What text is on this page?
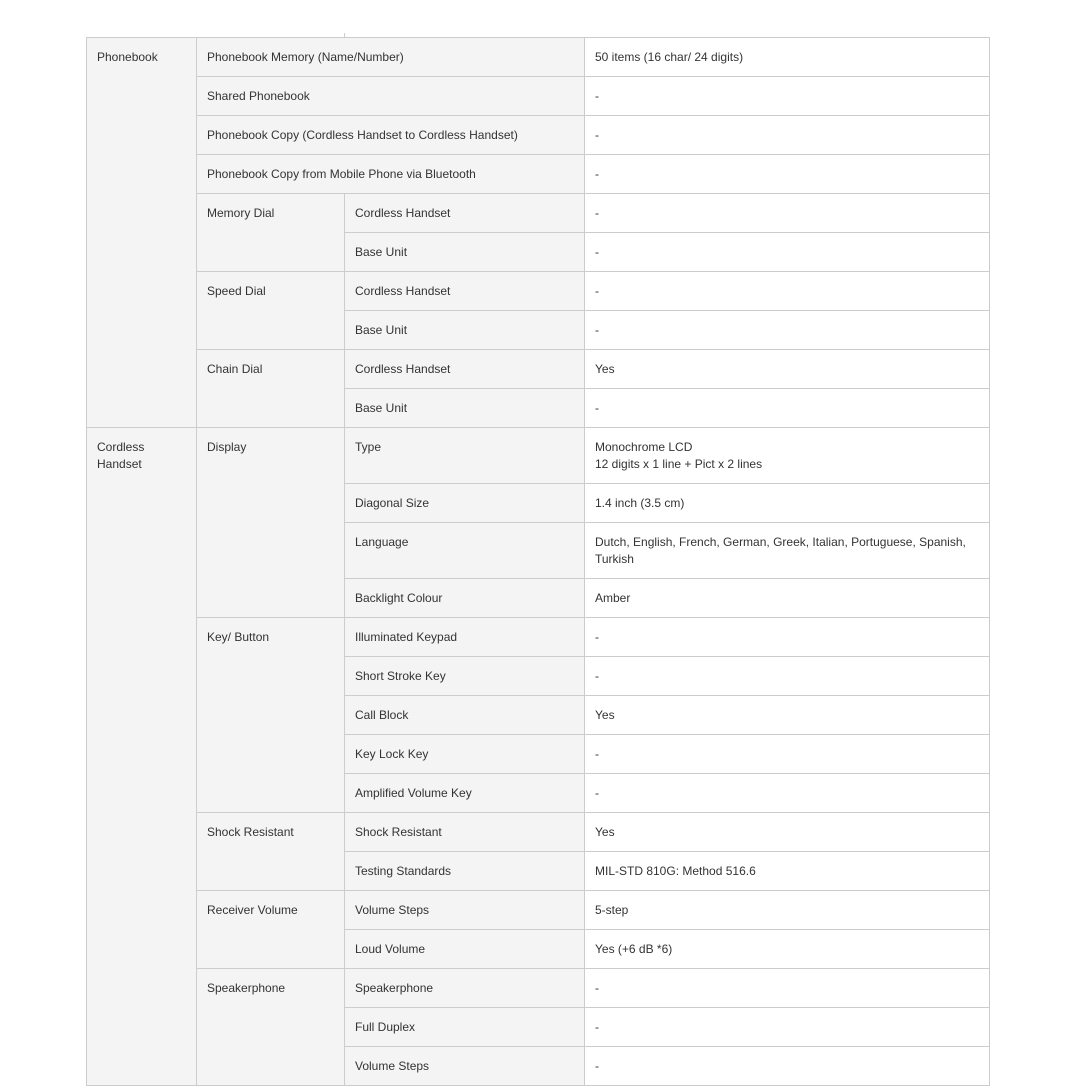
Phonebook	Phonebook Memory (Name/Number)		50 items (16 char/ 24 digits)
	Shared Phonebook		-
	Phonebook Copy (Cordless Handset to Cordless Handset)		-
	Phonebook Copy from Mobile Phone via Bluetooth		-
	Memory Dial	Cordless Handset	-
		Base Unit	-
	Speed Dial	Cordless Handset	-
		Base Unit	-
	Chain Dial	Cordless Handset	Yes
		Base Unit	-
Cordless Handset	Display	Type	Monochrome LCD
12 digits x 1 line + Pict x 2 lines

		Diagonal Size	1.4 inch (3.5 cm)
		Language	Dutch, English, French, German, Greek, Italian, Portuguese, Spanish, Turkish
		Backlight Colour	Amber
	Key/ Button	Illuminated Keypad	-
		Short Stroke Key	-
		Call Block	Yes
		Key Lock Key	-
		Amplified Volume Key	-
	Shock Resistant	Shock Resistant	Yes
		Testing Standards	MIL-STD 810G: Method 516.6
	Receiver Volume	Volume Steps	5-step
		Loud Volume	Yes (+6 dB *6)
	Speakerphone	Speakerphone	-
		Full Duplex	-
		Volume Steps	-
